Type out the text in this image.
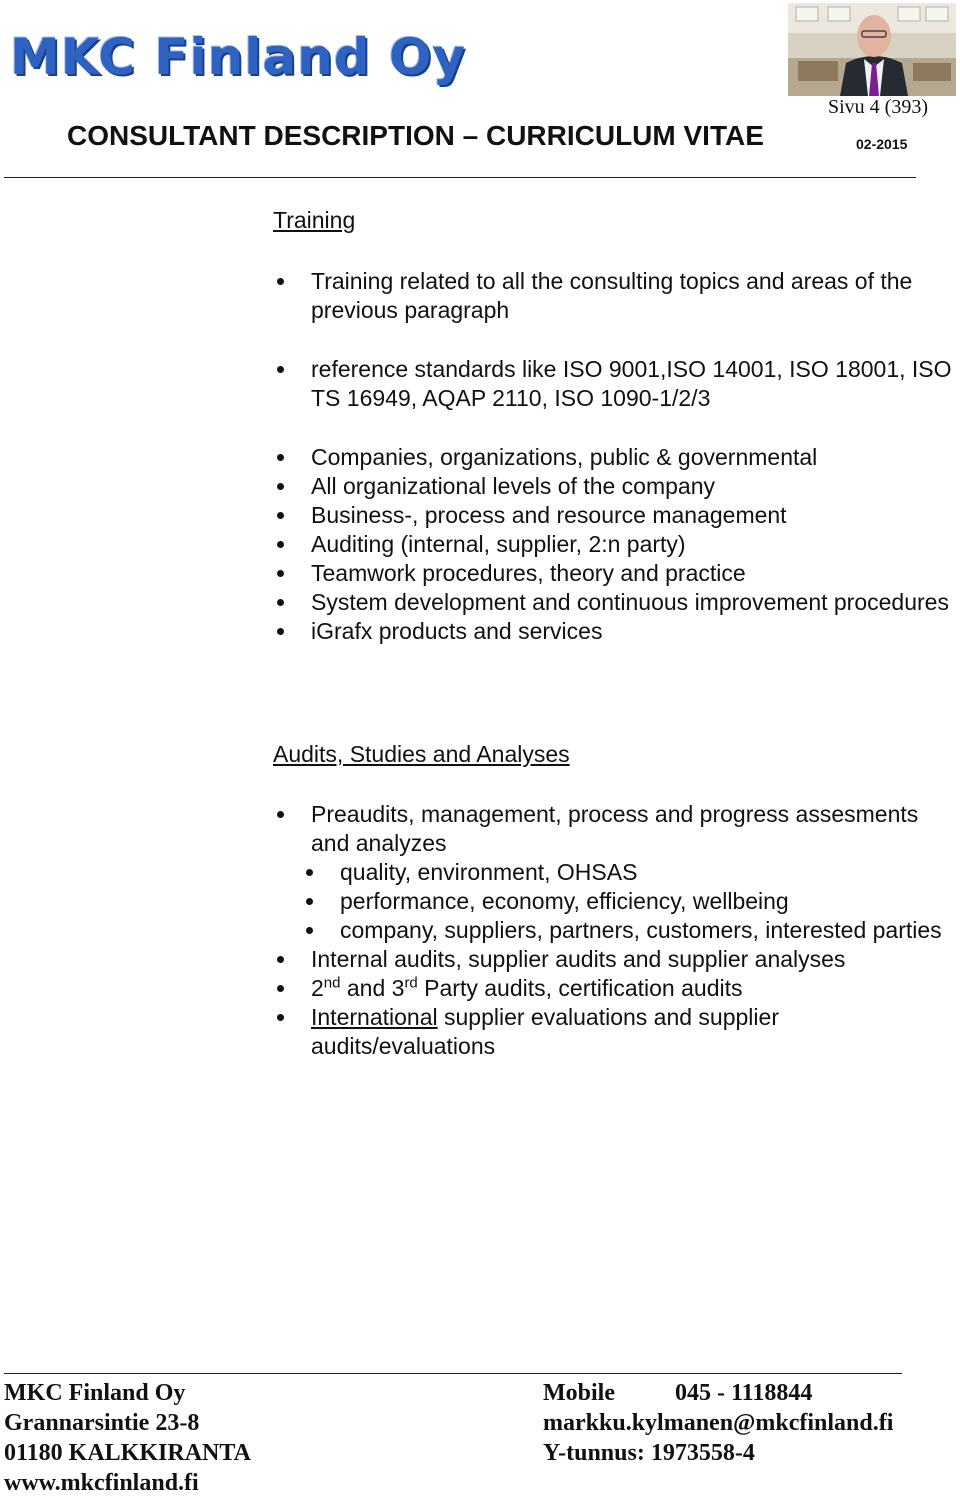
MKC Finland Oy
Sivu 4 (393)
CONSULTANT DESCRIPTION – CURRICULUM VITAE	02-2015
Training
Training related to all the consulting topics and areas of the previous paragraph
reference standards like ISO 9001,ISO 14001, ISO 18001, ISO TS 16949, AQAP 2110, ISO 1090-1/2/3
Companies, organizations, public & governmental
All organizational levels of the company
Business-, process and resource management
Auditing (internal, supplier, 2:n party)
Teamwork procedures, theory and practice
System development and continuous improvement procedures
iGrafx products and services
Audits, Studies and Analyses
Preaudits, management, process and progress assesments and analyzes
quality, environment, OHSAS
performance, economy, efficiency, wellbeing
company, suppliers, partners, customers, interested parties
Internal audits, supplier audits and supplier analyses
2nd and 3rd Party audits, certification audits
International supplier evaluations and supplier audits/evaluations
MKC Finland Oy
Grannarsintie 23-8
01180 KALKKIRANTA
www.mkcfinland.fi
Mobile	045 - 1118844
markku.kylmanen@mkcfinland.fi
Y-tunnus: 1973558-4
